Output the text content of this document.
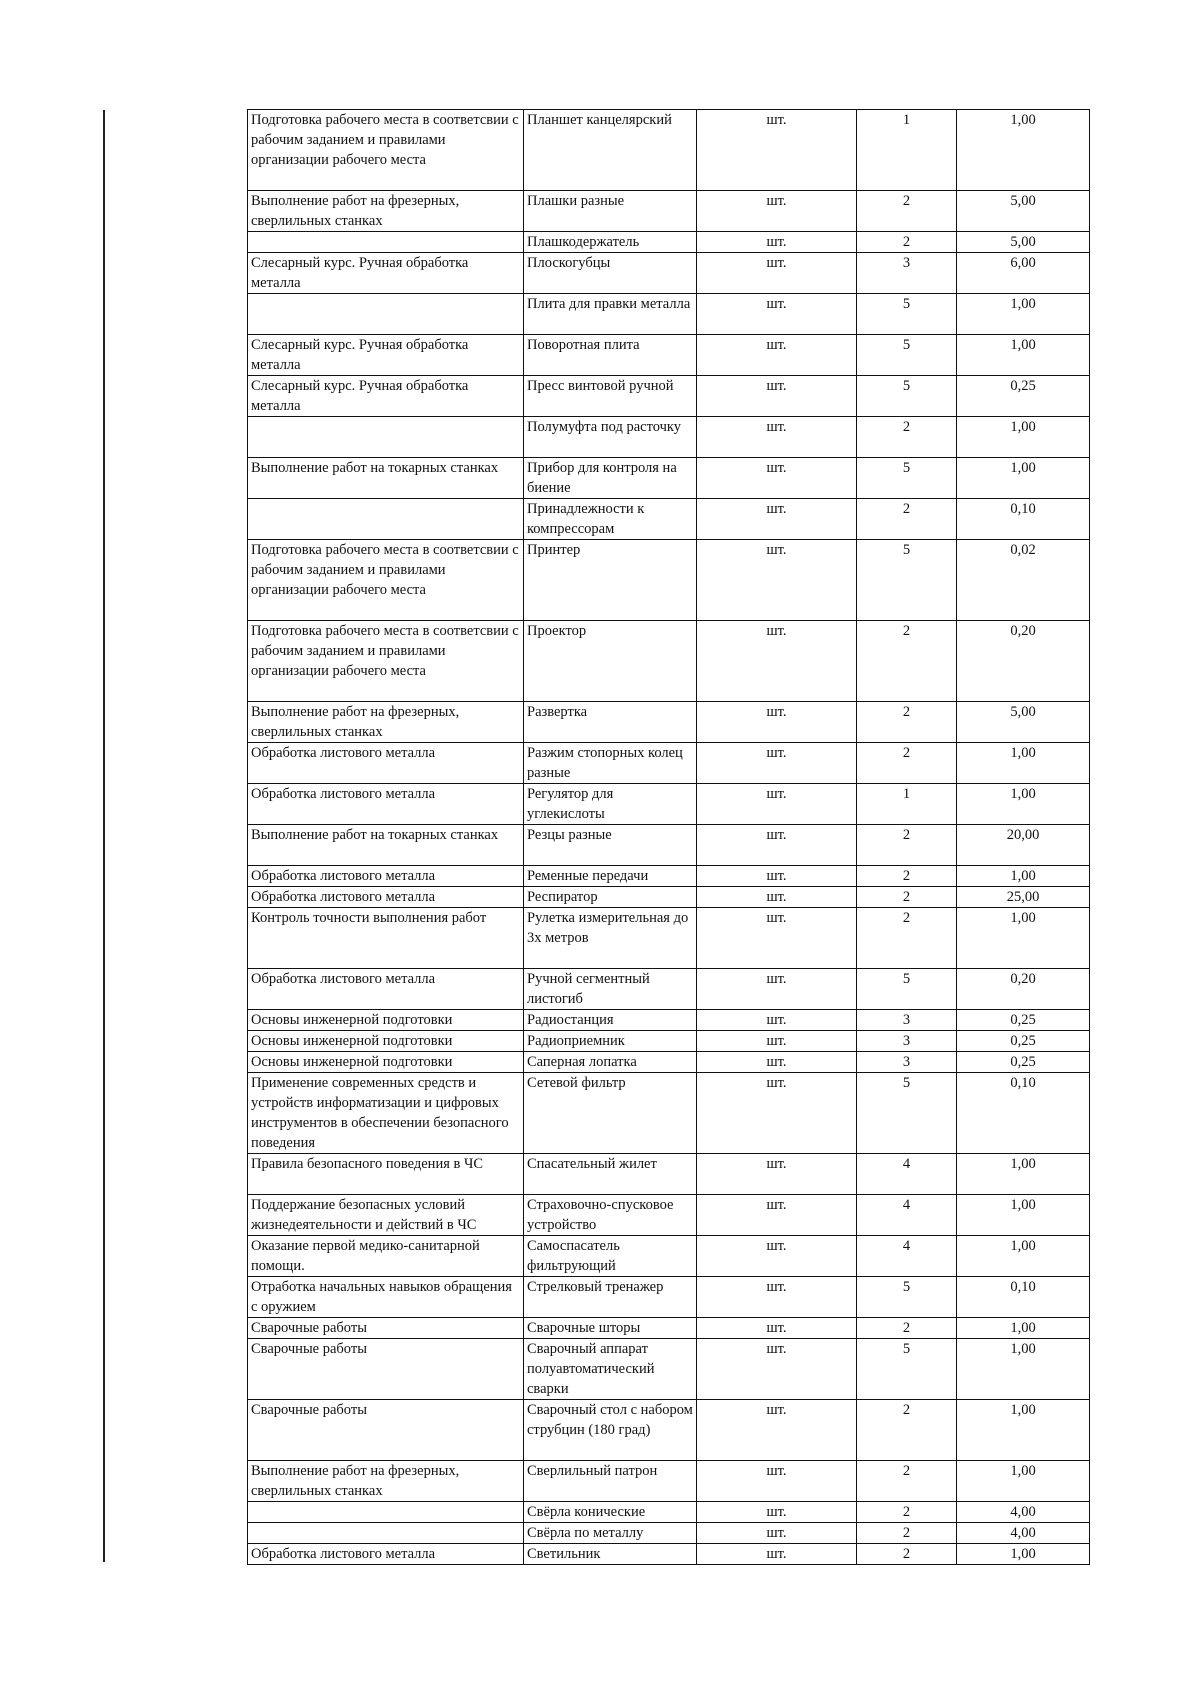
Подготовка рабочего места в соответсвии с рабочим заданием и правилами организации рабочего места	Планшет канцелярский	шт.	1	1,00
Выполнение работ на фрезерных, сверлильных станках	Плашки разные	шт.	2	5,00
	Плашкодержатель	шт.	2	5,00
Слесарный курс. Ручная обработка металла	Плоскогубцы	шт.	3	6,00
	Плита для правки металла	шт.	5	1,00
Слесарный курс. Ручная обработка металла	Поворотная плита	шт.	5	1,00
Слесарный курс. Ручная обработка металла	Пресс винтовой ручной	шт.	5	0,25
	Полумуфта под расточку	шт.	2	1,00
Выполнение работ на токарных станках	Прибор для контроля на биение	шт.	5	1,00
	Принадлежности к компрессорам	шт.	2	0,10
Подготовка рабочего места в соответсвии с рабочим заданием и правилами организации рабочего места	Принтер	шт.	5	0,02
Подготовка рабочего места в соответсвии с рабочим заданием и правилами организации рабочего места	Проектор	шт.	2	0,20
Выполнение работ на фрезерных, сверлильных станках	Развертка	шт.	2	5,00
Обработка листового металла	Разжим стопорных колец разные	шт.	2	1,00
Обработка листового металла	Регулятор для углекислоты	шт.	1	1,00
Выполнение работ на токарных станках	Резцы разные	шт.	2	20,00
Обработка листового металла	Ременные передачи	шт.	2	1,00
Обработка листового металла	Респиратор	шт.	2	25,00
Контроль точности выполнения работ	Рулетка измерительная до 3х метров	шт.	2	1,00
Обработка листового металла	Ручной сегментный листогиб	шт.	5	0,20
Основы инженерной подготовки	Радиостанция	шт.	3	0,25
Основы инженерной подготовки	Радиоприемник	шт.	3	0,25
Основы инженерной подготовки	Саперная лопатка	шт.	3	0,25
Применение современных средств и устройств информатизации и цифровых инструментов в обеспечении безопасного поведения	Сетевой фильтр	шт.	5	0,10
Правила безопасного поведения в ЧС	Спасательный жилет	шт.	4	1,00
Поддержание безопасных условий жизнедеятельности и действий в ЧС	Страховочно-спусковое устройство	шт.	4	1,00
Оказание первой медико-санитарной помощи.	Самоспасатель фильтрующий	шт.	4	1,00
Отработка начальных навыков обращения с оружием	Стрелковый тренажер	шт.	5	0,10
Сварочные работы	Сварочные шторы	шт.	2	1,00
Сварочные работы	Сварочный аппарат полуавтоматический сварки	шт.	5	1,00
Сварочные работы	Сварочный стол с набором струбцин (180 град)	шт.	2	1,00
Выполнение работ на фрезерных, сверлильных станках	Сверлильный патрон	шт.	2	1,00
	Свёрла конические	шт.	2	4,00
	Свёрла по металлу	шт.	2	4,00
Обработка листового металла	Светильник	шт.	2	1,00
